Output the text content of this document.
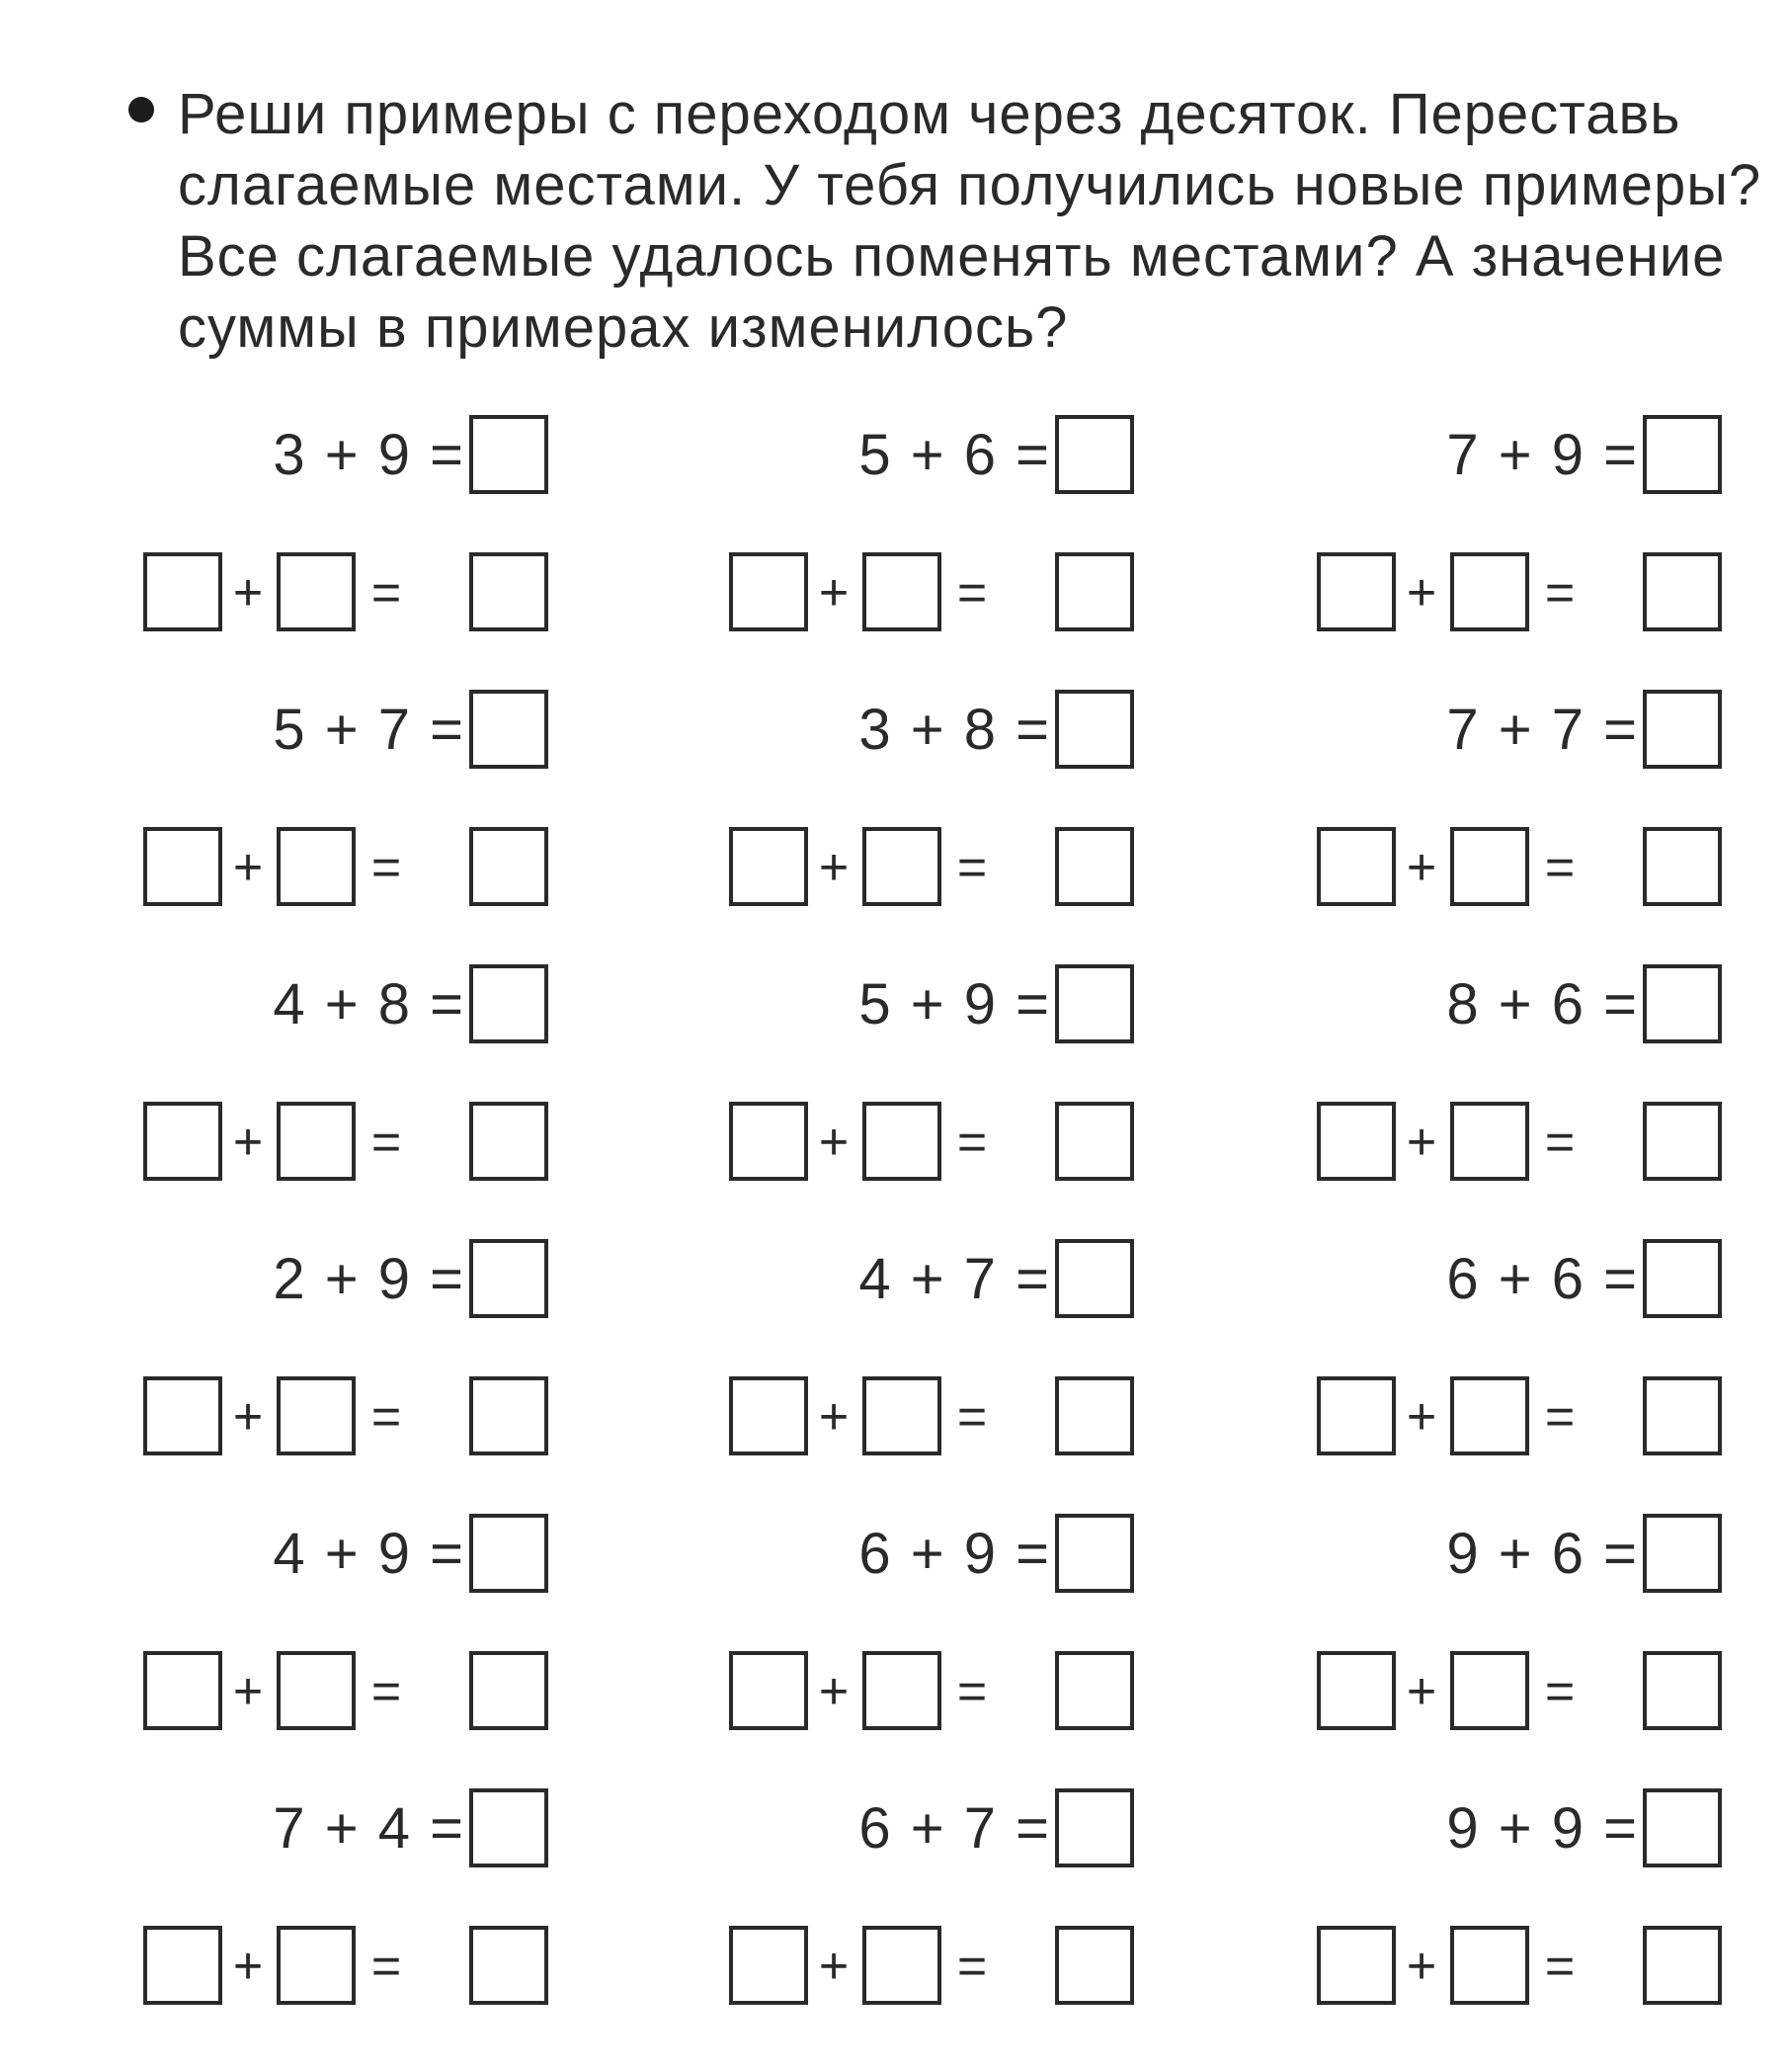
Реши примеры с переходом через десяток. Переставь
слагаемые местами. У тебя получились новые примеры?
Все слагаемые удалось поменять местами? А значение
суммы в примерах изменилось?
3 + 9 =
+ =
5 + 7 =
+ =
4 + 8 =
+ =
2 + 9 =
+ =
4 + 9 =
+ =
7 + 4 =
+ =
5 + 6 =
+ =
3 + 8 =
+ =
5 + 9 =
+ =
4 + 7 =
+ =
6 + 9 =
+ =
6 + 7 =
+ =
7 + 9 =
+ =
7 + 7 =
+ =
8 + 6 =
+ =
6 + 6 =
+ =
9 + 6 =
+ =
9 + 9 =
+ =
